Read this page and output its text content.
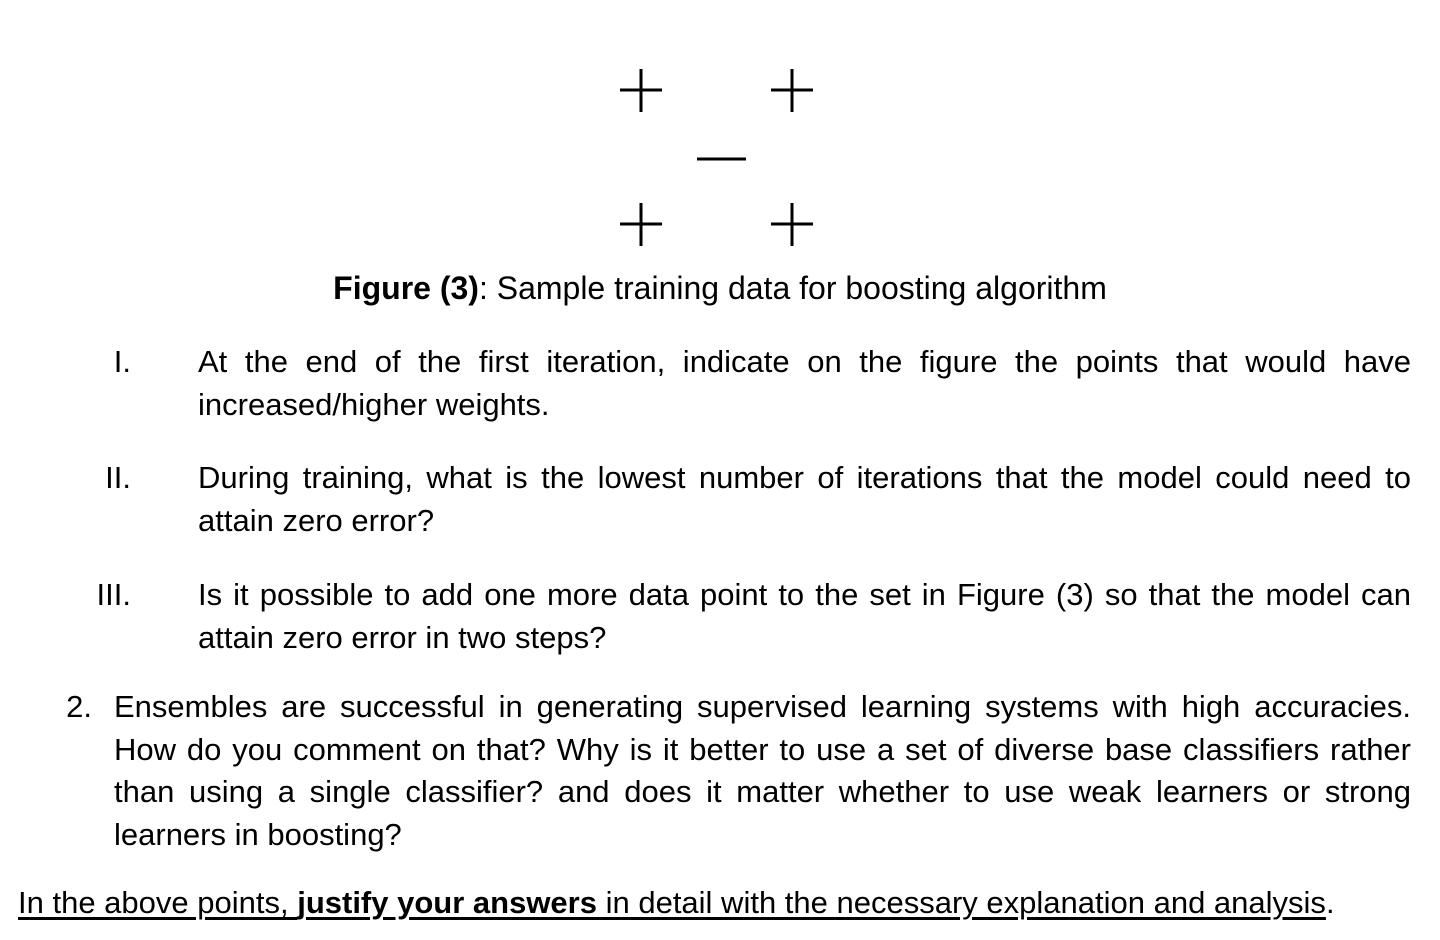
Figure (3): Sample training data for boosting algorithm
I. At the end of the first iteration, indicate on the figure the points that would have increased/higher weights.
II. During training, what is the lowest number of iterations that the model could need to attain zero error?
III. Is it possible to add one more data point to the set in Figure (3) so that the model can attain zero error in two steps?
2. Ensembles are successful in generating supervised learning systems with high accuracies. How do you comment on that? Why is it better to use a set of diverse base classifiers rather than using a single classifier? and does it matter whether to use weak learners or strong learners in boosting?
In the above points, justify your answers in detail with the necessary explanation and analysis.
